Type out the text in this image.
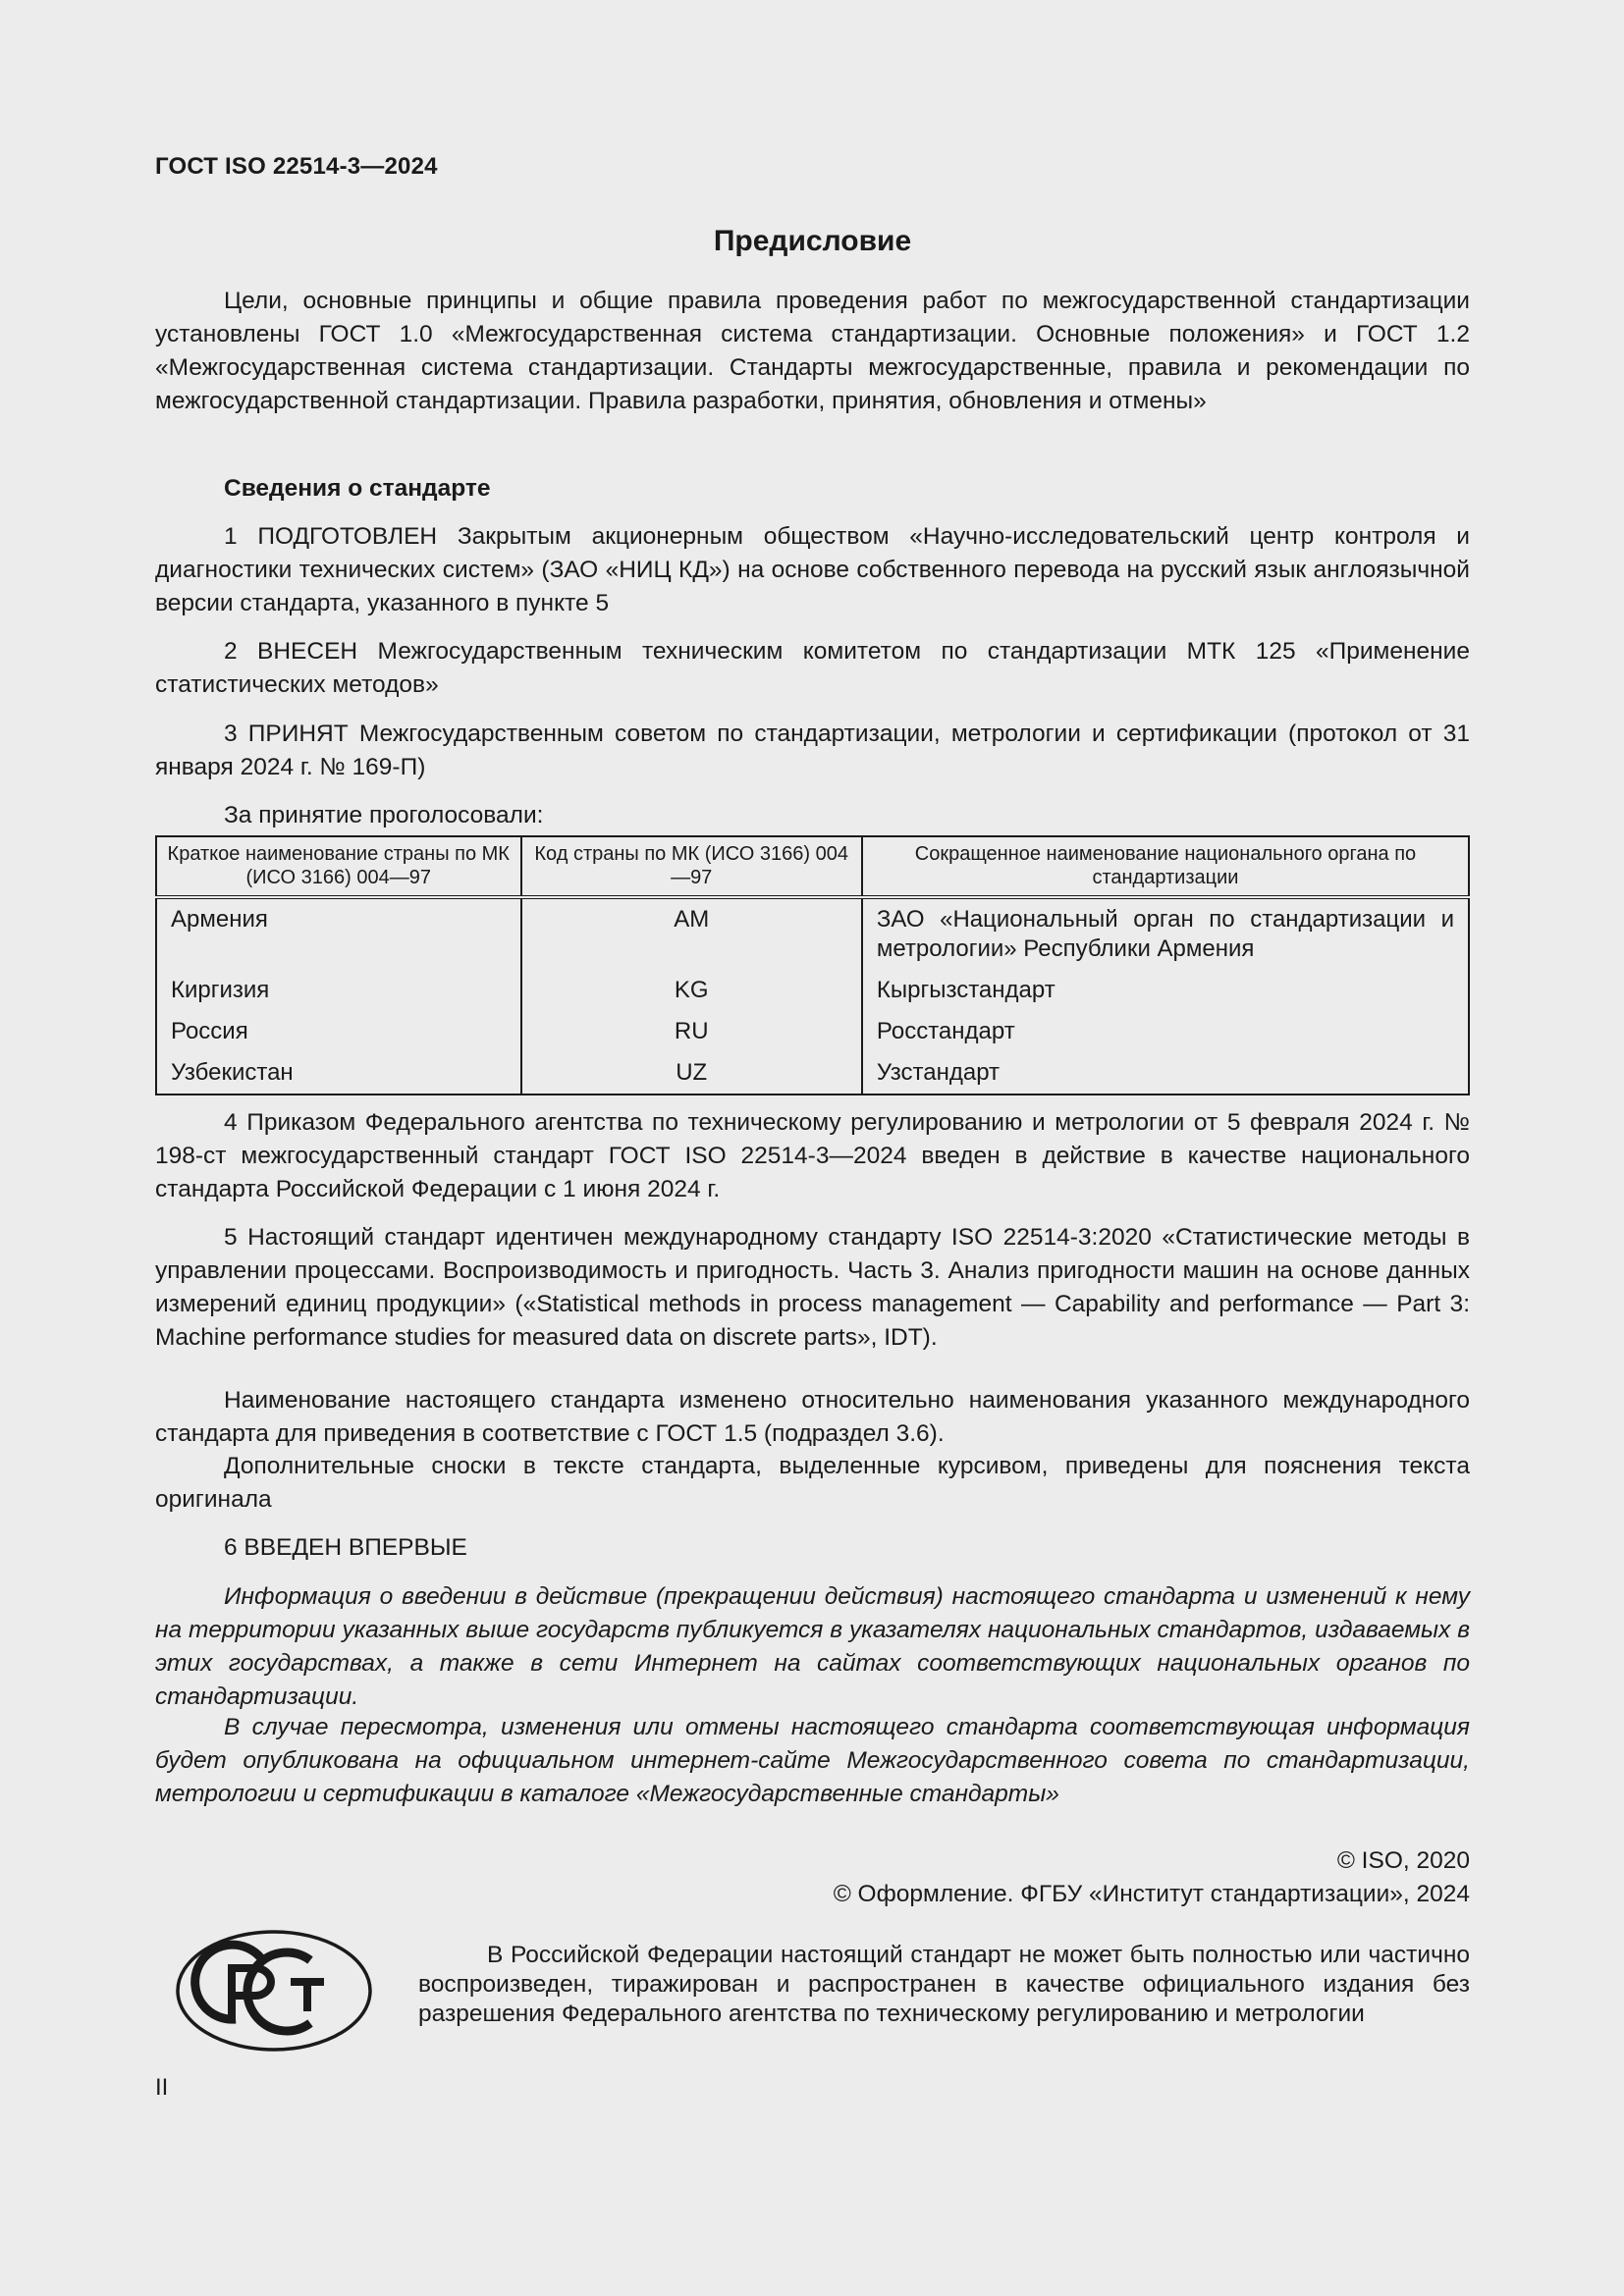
ГОСТ ISO 22514-3—2024
Предисловие
Цели, основные принципы и общие правила проведения работ по межгосударственной стандартизации установлены ГОСТ 1.0 «Межгосударственная система стандартизации. Основные положения» и ГОСТ 1.2 «Межгосударственная система стандартизации. Стандарты межгосударственные, правила и рекомендации по межгосударственной стандартизации. Правила разработки, принятия, обновления и отмены»
Сведения о стандарте
1 ПОДГОТОВЛЕН Закрытым акционерным обществом «Научно-исследовательский центр контроля и диагностики технических систем» (ЗАО «НИЦ КД») на основе собственного перевода на русский язык англоязычной версии стандарта, указанного в пункте 5
2 ВНЕСЕН Межгосударственным техническим комитетом по стандартизации МТК 125 «Применение статистических методов»
3 ПРИНЯТ Межгосударственным советом по стандартизации, метрологии и сертификации (протокол от 31 января 2024 г. № 169-П)
За принятие проголосовали:
Краткое наименование страны по МК (ИСО 3166) 004—97	Код страны по МК (ИСО 3166) 004—97	Сокращенное наименование национального органа по стандартизации
Армения	AM	ЗАО «Национальный орган по стандартизации и метрологии» Республики Армения
Киргизия	KG	Кыргызстандарт
Россия	RU	Росстандарт
Узбекистан	UZ	Узстандарт
4 Приказом Федерального агентства по техническому регулированию и метрологии от 5 февраля 2024 г. № 198-ст межгосударственный стандарт ГОСТ ISO 22514-3—2024 введен в действие в качестве национального стандарта Российской Федерации с 1 июня 2024 г.
5 Настоящий стандарт идентичен международному стандарту ISO 22514-3:2020 «Статистические методы в управлении процессами. Воспроизводимость и пригодность. Часть 3. Анализ пригодности машин на основе данных измерений единиц продукции» («Statistical methods in process management — Capability and performance — Part 3: Machine performance studies for measured data on discrete parts», IDT).
Наименование настоящего стандарта изменено относительно наименования указанного международного стандарта для приведения в соответствие с ГОСТ 1.5 (подраздел 3.6).
Дополнительные сноски в тексте стандарта, выделенные курсивом, приведены для пояснения текста оригинала
6 ВВЕДЕН ВПЕРВЫЕ
Информация о введении в действие (прекращении действия) настоящего стандарта и изменений к нему на территории указанных выше государств публикуется в указателях национальных стандартов, издаваемых в этих государствах, а также в сети Интернет на сайтах соответствующих национальных органов по стандартизации.
В случае пересмотра, изменения или отмены настоящего стандарта соответствующая информация будет опубликована на официальном интернет-сайте Межгосударственного совета по стандартизации, метрологии и сертификации в каталоге «Межгосударственные стандарты»
© ISO, 2020
© Оформление. ФГБУ «Институт стандартизации», 2024
В Российской Федерации настоящий стандарт не может быть полностью или частично воспроизведен, тиражирован и распространен в качестве официального издания без разрешения Федерального агентства по техническому регулированию и метрологии
II
